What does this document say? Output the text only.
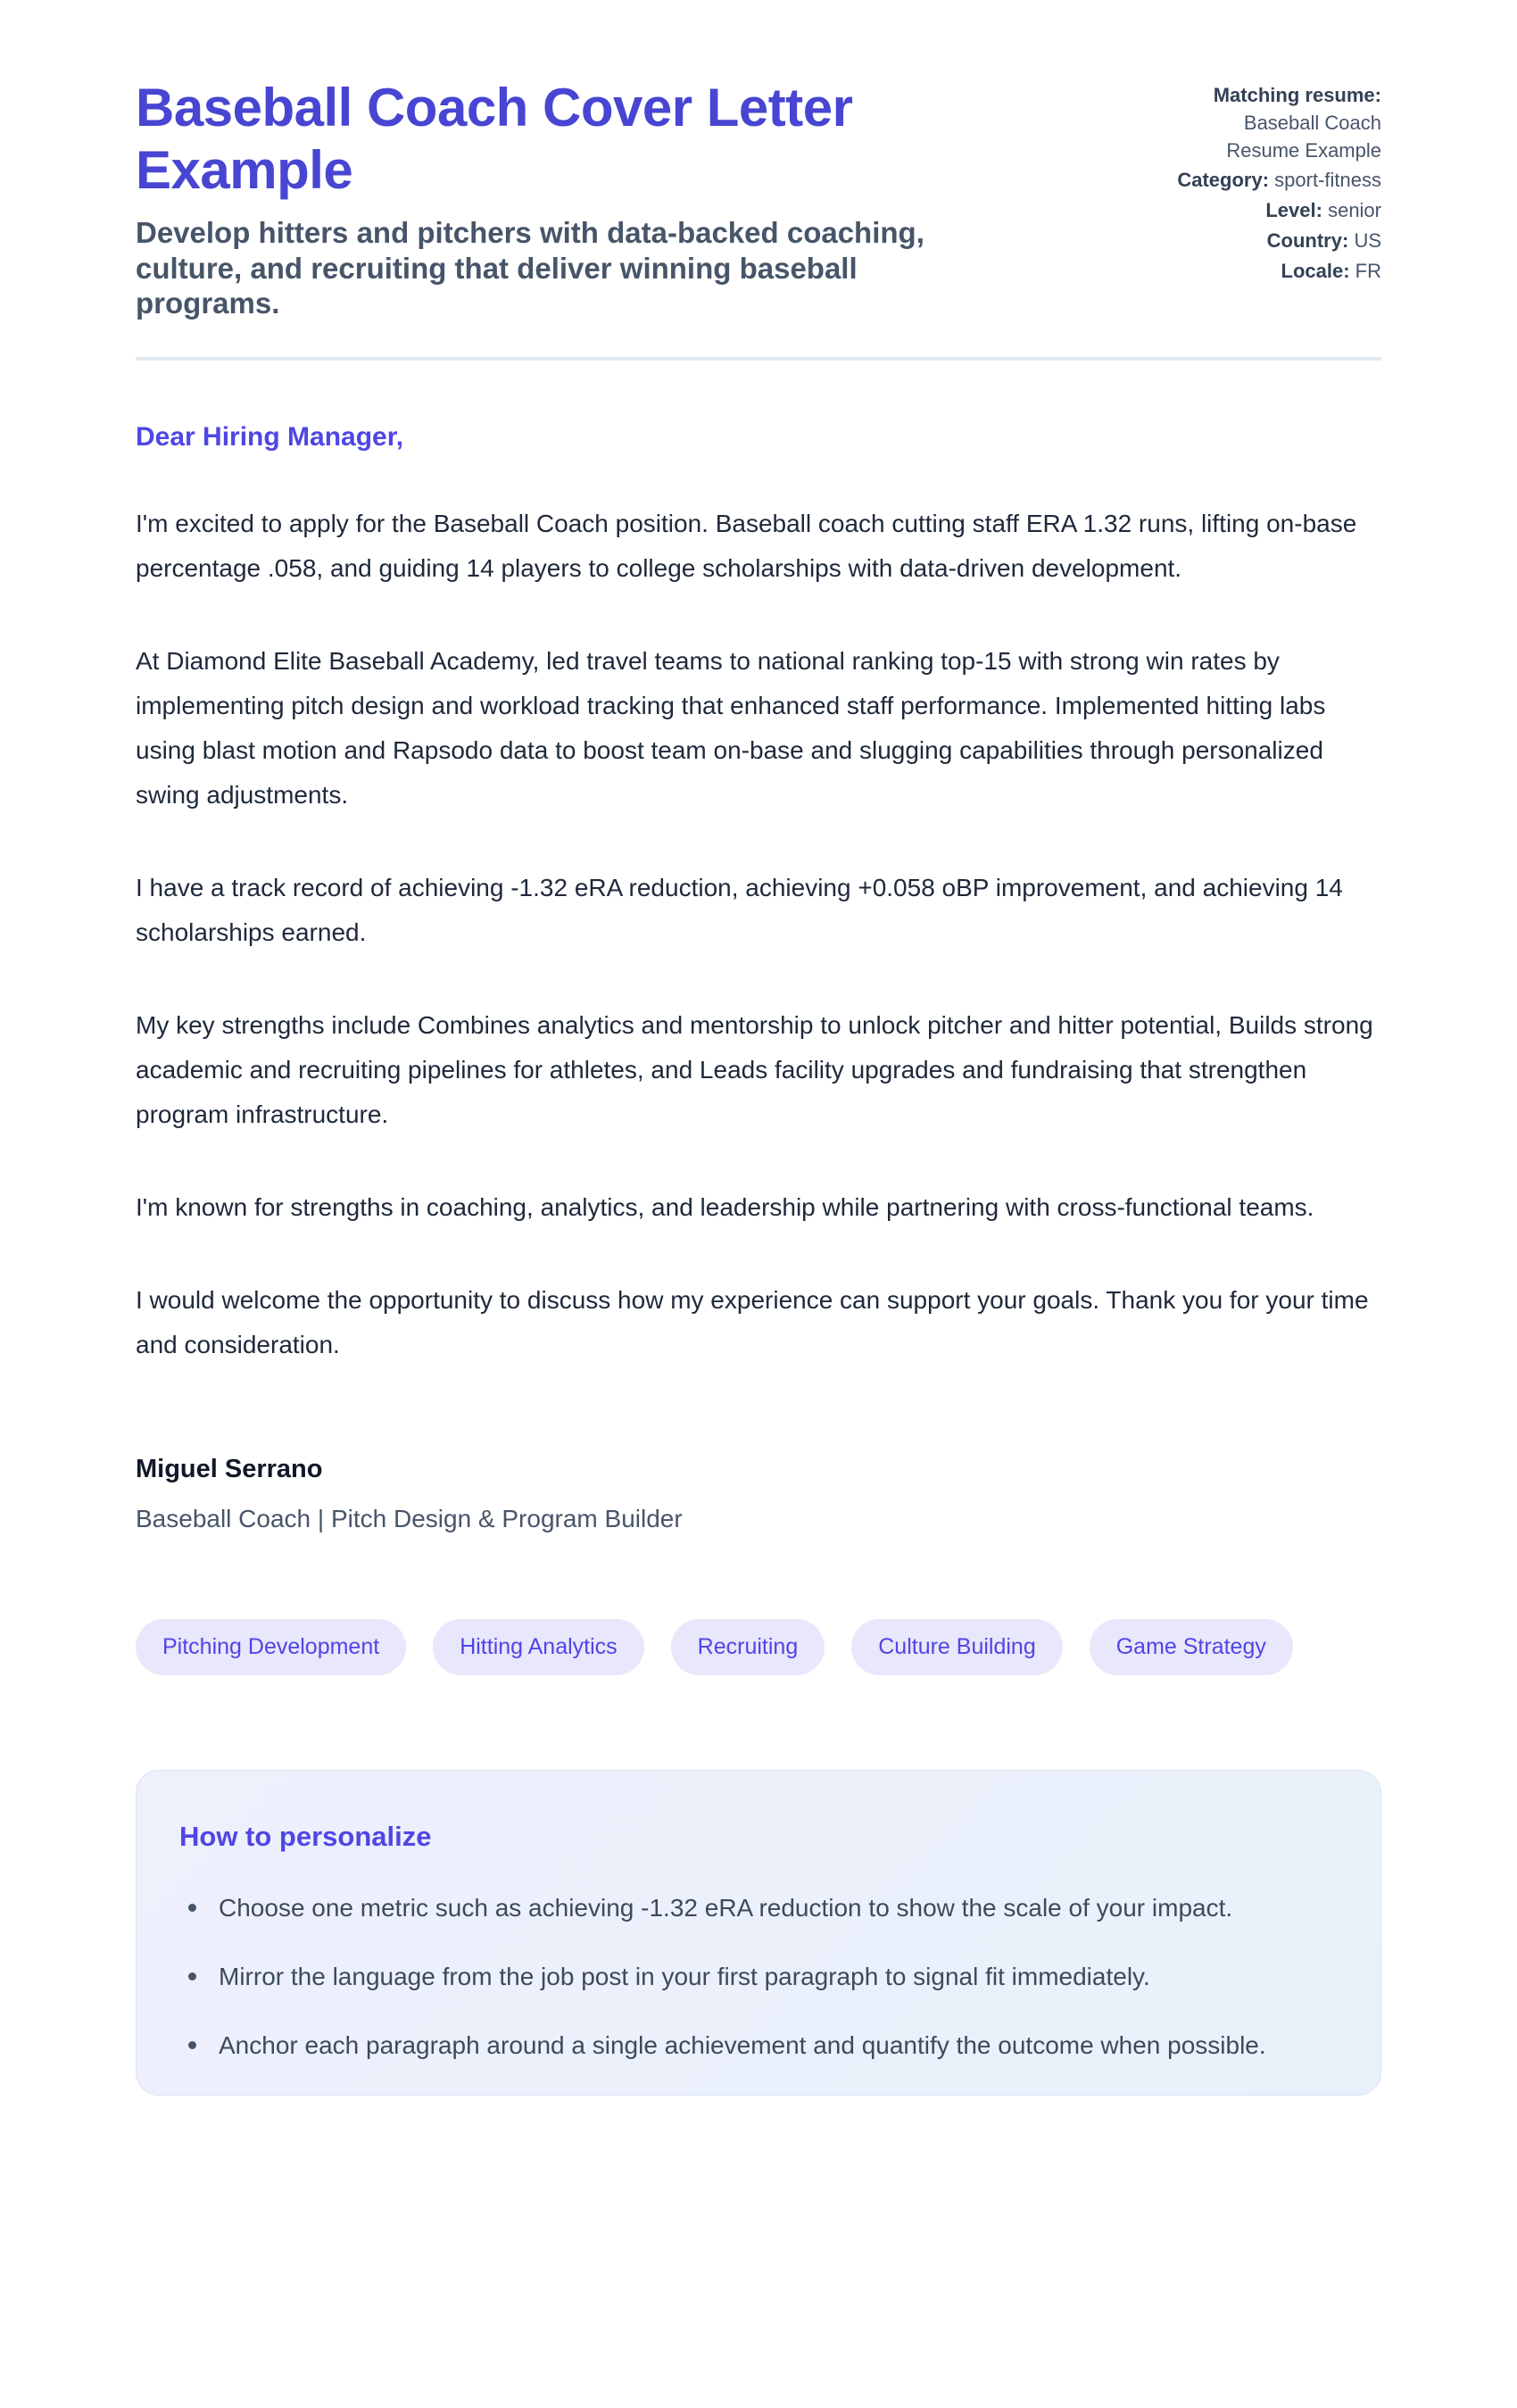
Baseball Coach Cover Letter Example

Develop hitters and pitchers with data-backed coaching, culture, and recruiting that deliver winning baseball programs.

Matching resume: Baseball Coach Resume Example
Category: sport-fitness
Level: senior
Country: US
Locale: FR

Dear Hiring Manager,

I'm excited to apply for the Baseball Coach position. Baseball coach cutting staff ERA 1.32 runs, lifting on-base percentage .058, and guiding 14 players to college scholarships with data-driven development.

At Diamond Elite Baseball Academy, led travel teams to national ranking top-15 with strong win rates by implementing pitch design and workload tracking that enhanced staff performance. Implemented hitting labs using blast motion and Rapsodo data to boost team on-base and slugging capabilities through personalized swing adjustments.

I have a track record of achieving -1.32 eRA reduction, achieving +0.058 oBP improvement, and achieving 14 scholarships earned.

My key strengths include Combines analytics and mentorship to unlock pitcher and hitter potential, Builds strong academic and recruiting pipelines for athletes, and Leads facility upgrades and fundraising that strengthen program infrastructure.

I'm known for strengths in coaching, analytics, and leadership while partnering with cross-functional teams.

I would welcome the opportunity to discuss how my experience can support your goals. Thank you for your time and consideration.

Miguel Serrano

Baseball Coach | Pitch Design & Program Builder

Pitching Development	Hitting Analytics	Recruiting	Culture Building	Game Strategy
How to personalize
Choose one metric such as achieving -1.32 eRA reduction to show the scale of your impact.
Mirror the language from the job post in your first paragraph to signal fit immediately.
Anchor each paragraph around a single achievement and quantify the outcome when possible.
